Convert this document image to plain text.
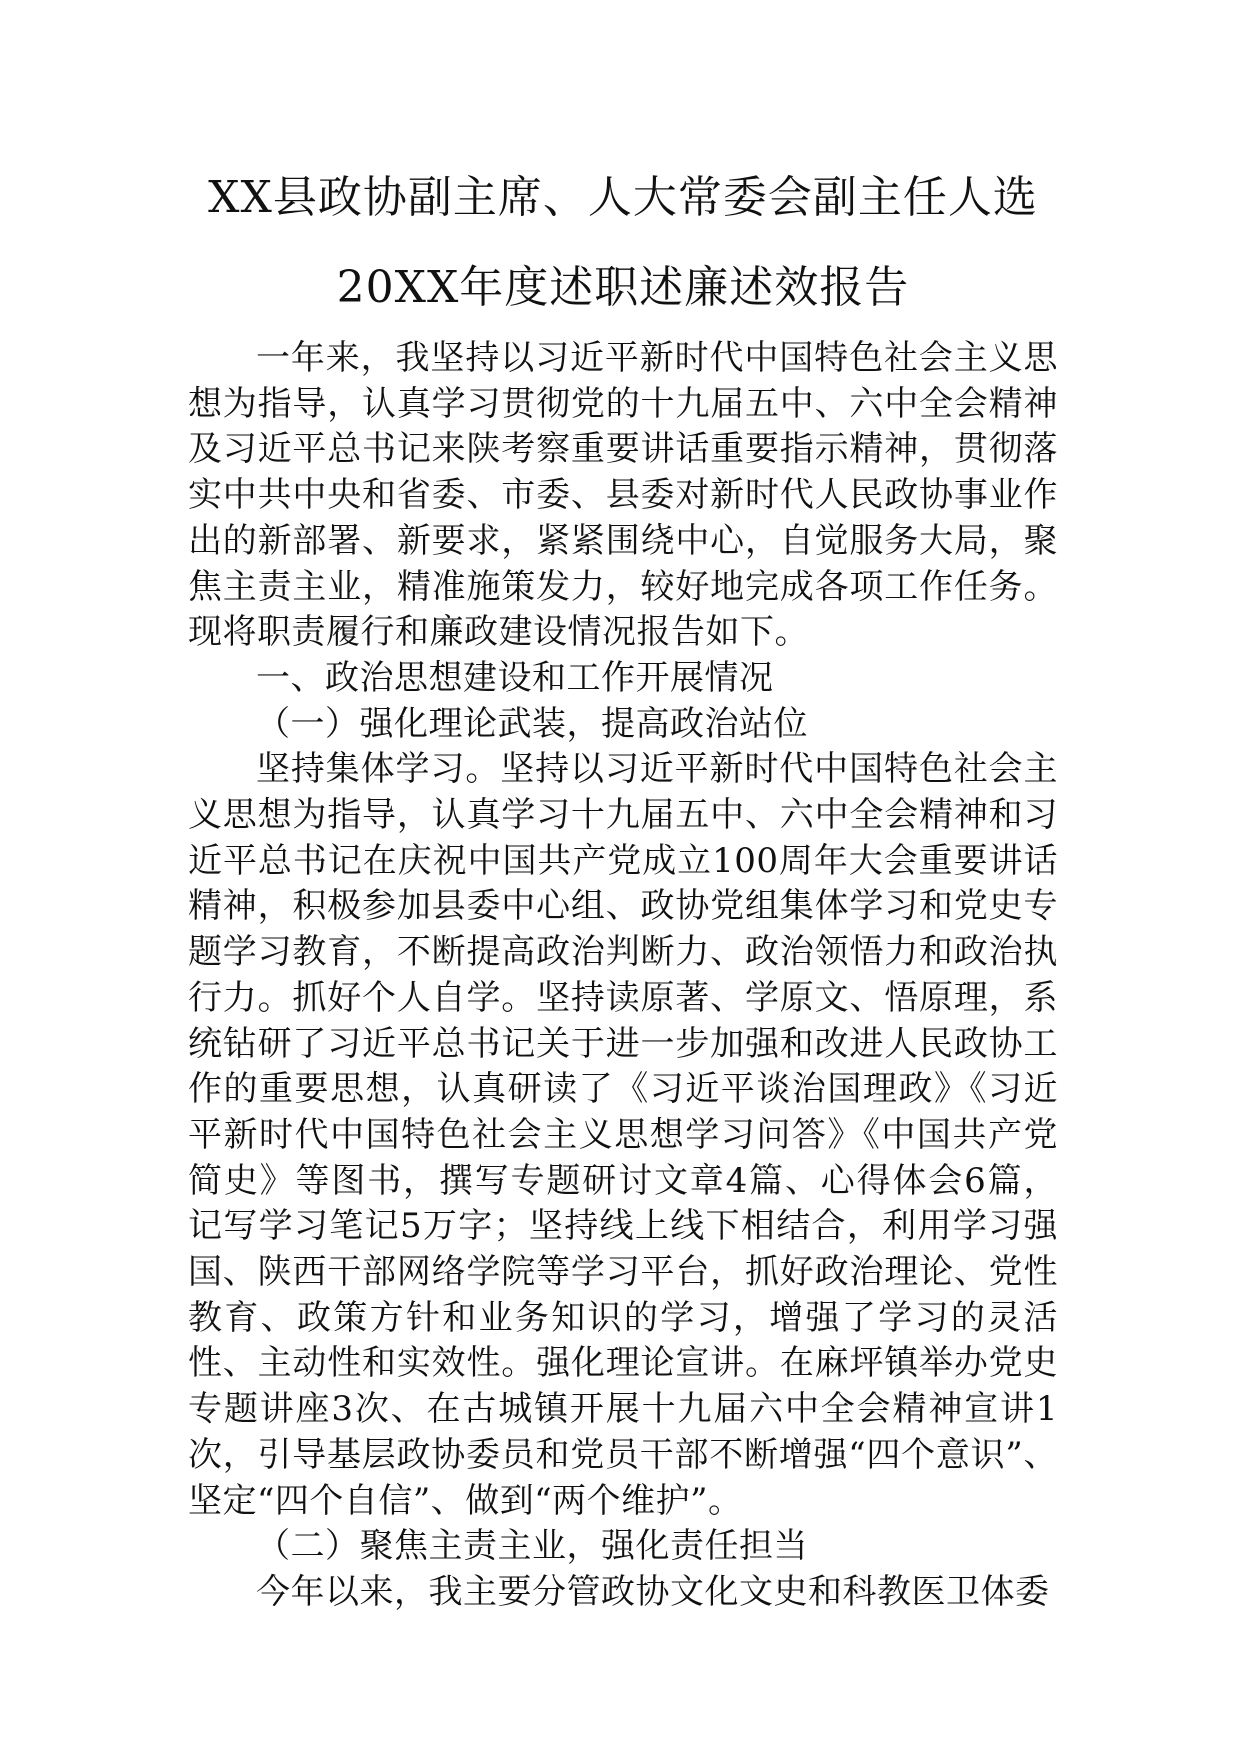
XX县政协副主席、人大常委会副主任人选
20XX年度述职述廉述效报告

一年来，我坚持以习近平新时代中国特色社会主义思想为指导，认真学习贯彻党的十九届五中、六中全会精神及习近平总书记来陕考察重要讲话重要指示精神，贯彻落实中共中央和省委、市委、县委对新时代人民政协事业作出的新部署、新要求，紧紧围绕中心，自觉服务大局，聚焦主责主业，精准施策发力，较好地完成各项工作任务。现将职责履行和廉政建设情况报告如下。

一、政治思想建设和工作开展情况

（一）强化理论武装，提高政治站位

坚持集体学习。坚持以习近平新时代中国特色社会主义思想为指导，认真学习十九届五中、六中全会精神和习近平总书记在庆祝中国共产党成立100周年大会重要讲话精神，积极参加县委中心组、政协党组集体学习和党史专题学习教育，不断提高政治判断力、政治领悟力和政治执行力。抓好个人自学。坚持读原著、学原文、悟原理，系统钻研了习近平总书记关于进一步加强和改进人民政协工作的重要思想，认真研读了《习近平谈治国理政》《习近平新时代中国特色社会主义思想学习问答》《中国共产党简史》等图书，撰写专题研讨文章4篇、心得体会6篇，记写学习笔记5万字；坚持线上线下相结合，利用学习强国、陕西干部网络学院等学习平台，抓好政治理论、党性教育、政策方针和业务知识的学习，增强了学习的灵活性、主动性和实效性。强化理论宣讲。在麻坪镇举办党史专题讲座3次、在古城镇开展十九届六中全会精神宣讲1次，引导基层政协委员和党员干部不断增强“四个意识”、坚定“四个自信”、做到“两个维护”。

（二）聚焦主责主业，强化责任担当

今年以来，我主要分管政协文化文史和科教医卫体委
